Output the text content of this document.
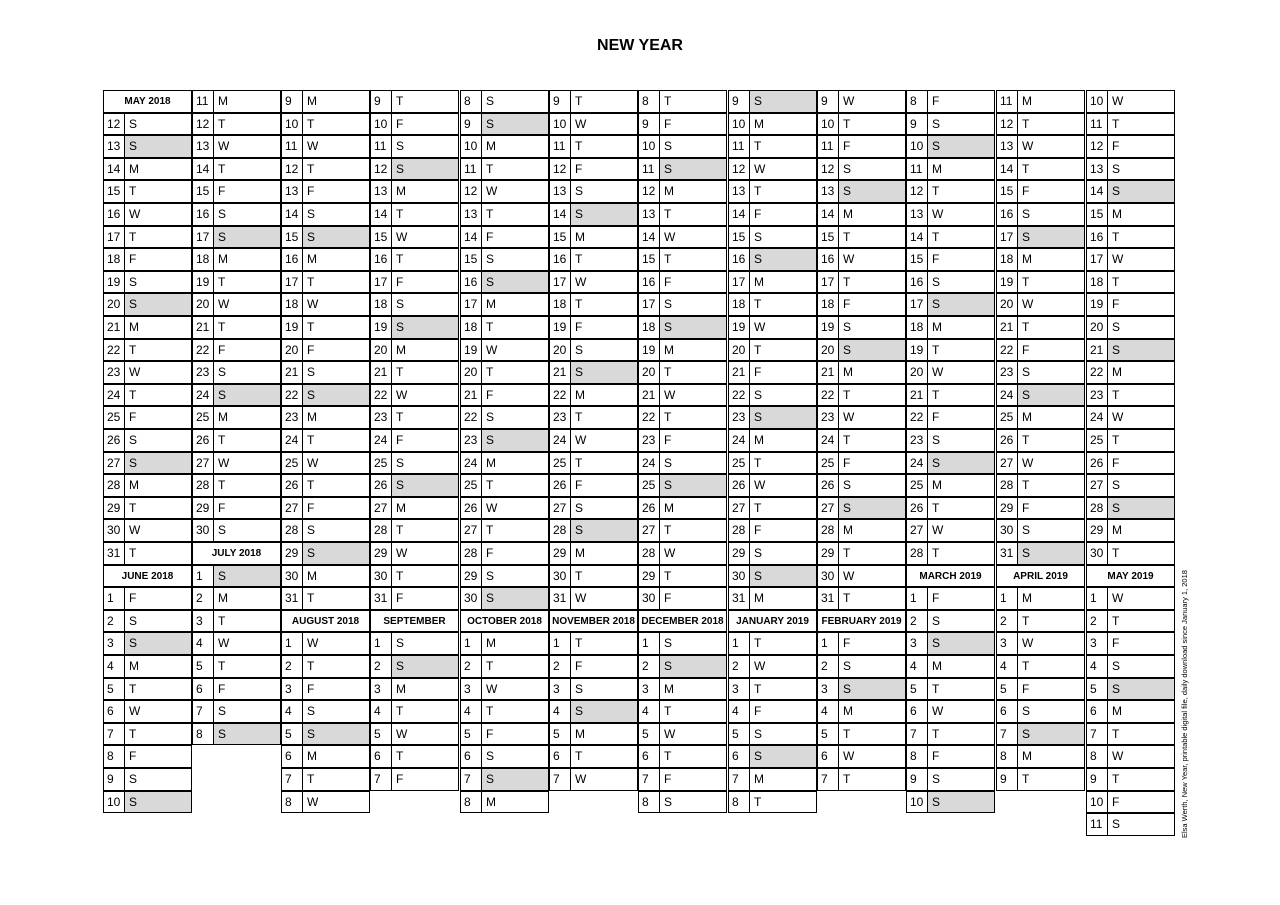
NEW YEAR
MAY 2018
12 S
13 S
14 M
15 T
16 W
17 T
18 F
19 S
20 S
21 M
22 T
23 W
24 T
25 F
26 S
27 S
28 M
29 T
30 W
31 T
JUNE 2018
1	F
2	S
3	S
4	M
5	T
6	W
7	T
8	F
9	S
10 S
11 M
12 T
13 W
14 T
15 F
16 S
17 S
18 M
19 T
20 W
21 T
22 F
23 S
24 S
25 M
26 T
27 W
28 T
29 F
30 S
JULY 2018
1	S
2	M
3	T
4	W
5	T
6	F
7	S
8	S
9	M
10 T
11 W
12 T
13 F
14 S
15 S
16 M
17 T
18 W
19 T
20 F
21 S
22 S
23 M
24 T
25 W
26 T
27 F
28 S
29 S
30 M
31 T
AUGUST 2018
1	W
2	T
3	F
4	S
5	S
6	M
7	T
8	W
9	T
10 F
11 S
12 S
13 M
14 T
15 W
16 T
17 F
18 S
19 S
20 M
21 T
22 W
23 T
24 F
25 S
26 S
27 M
28 T
29 W
30 T
31 F
SEPTEMBER
1	S
2	S
3	M
4	T
5	W
6	T
7	F
8	S
9	S
10 M
11 T
12 W
13 T
14 F
15 S
16 S
17 M
18 T
19 W
20 T
21 F
22 S
23 S
24 M
25 T
26 W
27 T
28 F
29 S
30 S
OCTOBER 2018
1	M
2	T
3	W
4	T
5	F
6	S
7	S
8	M
9	T
10 W
11 T
12 F
13 S
14 S
15 M
16 T
17 W
18 T
19 F
20 S
21 S
22 M
23 T
24 W
25 T
26 F
27 S
28 S
29 M
30 T
31 W
NOVEMBER 2018
1	T
2	F
3	S
4	S
5	M
6	T
7	W
8	T
9	F
10 S
11 S
12 M
13 T
14 W
15 T
16 F
17 S
18 S
19 M
20 T
21 W
22 T
23 F
24 S
25 S
26 M
27 T
28 W
29 T
30 F
DECEMBER 2018
1	S
2	S
3	M
4	T
5	W
6	T
7	F
8	S
9	S
10 M
11 T
12 W
13 T
14 F
15 S
16 S
17 M
18 T
19 W
20 T
21 F
22 S
23 S
24 M
25 T
26 W
27 T
28 F
29 S
30 S
31 M
JANUARY 2019
1	T
2	W
3	T
4	F
5	S
6	S
7	M
8	T
9	W
10 T
11 F
12 S
13 S
14 M
15 T
16 W
17 T
18 F
19 S
20 S
21 M
22 T
23 W
24 T
25 F
26 S
27 S
28 M
29 T
30 W
31 T
FEBRUARY 2019
1	F
2	S
3	S
4	M
5	T
6	W
7	T
8	F
9	S
10 S
11 M
12 T
13 W
14 T
15 F
16 S
17 S
18 M
19 T
20 W
21 T
22 F
23 S
24 S
25 M
26 T
27 W
28 T
MARCH 2019
1	F
2	S
3	S
4	M
5	T
6	W
7	T
8	F
9	S
10 S
11 M
12 T
13 W
14 T
15 F
16 S
17 S
18 M
19 T
20 W
21 T
22 F
23 S
24 S
25 M
26 T
27 W
28 T
29 F
30 S
31 S
APRIL 2019
1	M
2	T
3	W
4	T
5	F
6	S
7	S
8	M
9	T
10 W
11 T
12 F
13 S
14 S
15 M
16 T
17 W
18 T
19 F
20 S
21 S
22 M
23 T
24 W
25 T
26 F
27 S
28 S
29 M
30 T
MAY 2019
1	W
2	T
3	F
4	S
5	S
6	M
7	T
8	W
9	T
10 F
11 S	Elsa Werth, New Year, printable digital file, daily download since January 1, 2018
